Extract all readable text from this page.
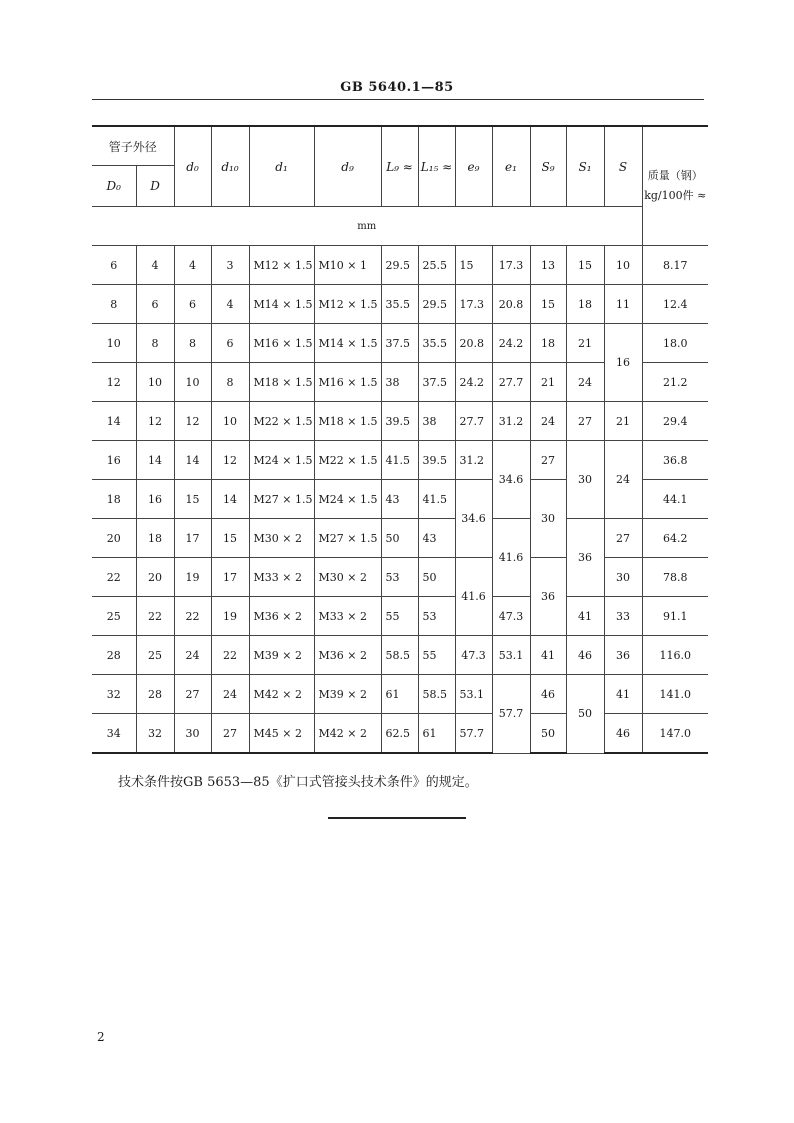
GB 5640.1—85
管子外径		d₀	d₁₀	d₁	d₉	L₉ ≈	L₁₅ ≈	e₉	e₁	S₉	S₁	S	质量（钢）
kg/100件 ≈

D₀	D												
mm													
6	4	4	3	M12 × 1.5	M10 × 1	29.5	25.5	15	17.3	13	15	10	8.17
8	6	6	4	M14 × 1.5	M12 × 1.5	35.5	29.5	17.3	20.8	15	18	11	12.4
10	8	8	6	M16 × 1.5	M14 × 1.5	37.5	35.5	20.8	24.2	18	21	16	18.0
12	10	10	8	M18 × 1.5	M16 × 1.5	38	37.5	24.2	27.7	21	24		21.2
14	12	12	10	M22 × 1.5	M18 × 1.5	39.5	38	27.7	31.2	24	27	21	29.4
16	14	14	12	M24 × 1.5	M22 × 1.5	41.5	39.5	31.2	34.6	27	30	24	36.8
18	16	15	14	M27 × 1.5	M24 × 1.5	43	41.5	34.6		30			44.1
20	18	17	15	M30 × 2	M27 × 1.5	50	43		41.6		36	27	64.2
22	20	19	17	M33 × 2	M30 × 2	53	50	41.6		36		30	78.8
25	22	22	19	M36 × 2	M33 × 2	55	53		47.3		41	33	91.1
28	25	24	22	M39 × 2	M36 × 2	58.5	55	47.3	53.1	41	46	36	116.0
32	28	27	24	M42 × 2	M39 × 2	61	58.5	53.1	57.7	46	50	41	141.0
34	32	30	27	M45 × 2	M42 × 2	62.5	61	57.7		50		46	147.0
技术条件按GB 5653—85《扩口式管接头技术条件》的规定。
2
